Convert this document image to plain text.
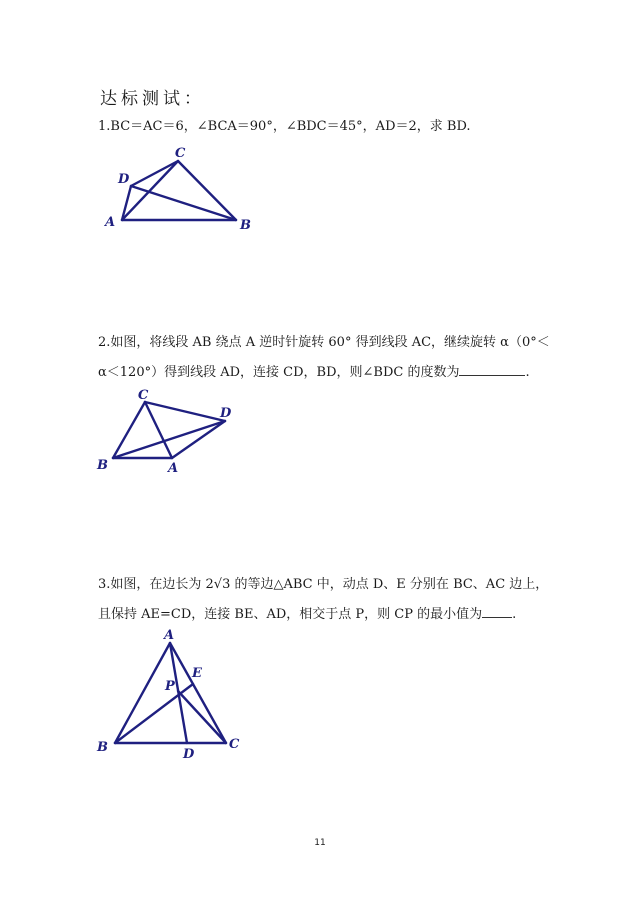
达标测试：
1.BC＝AC＝6，∠BCA＝90°，∠BDC＝45°，AD＝2，求 BD.
A	B
C
D
2.如图，将线段 AB 绕点 A 逆时针旋转 60° 得到线段 AC，继续旋转 α（0°＜α＜120°）得到线段 AD，连接 CD，BD，则∠BDC 的度数为	.
B	A
C
D
3.如图，在边长为 2√3 的等边△ABC 中，动点 D、E 分别在 BC、AC 边上，且保持 AE=CD，连接 BE、AD，相交于点 P，则 CP 的最小值为 .
B	C
A
D
E
P
11
